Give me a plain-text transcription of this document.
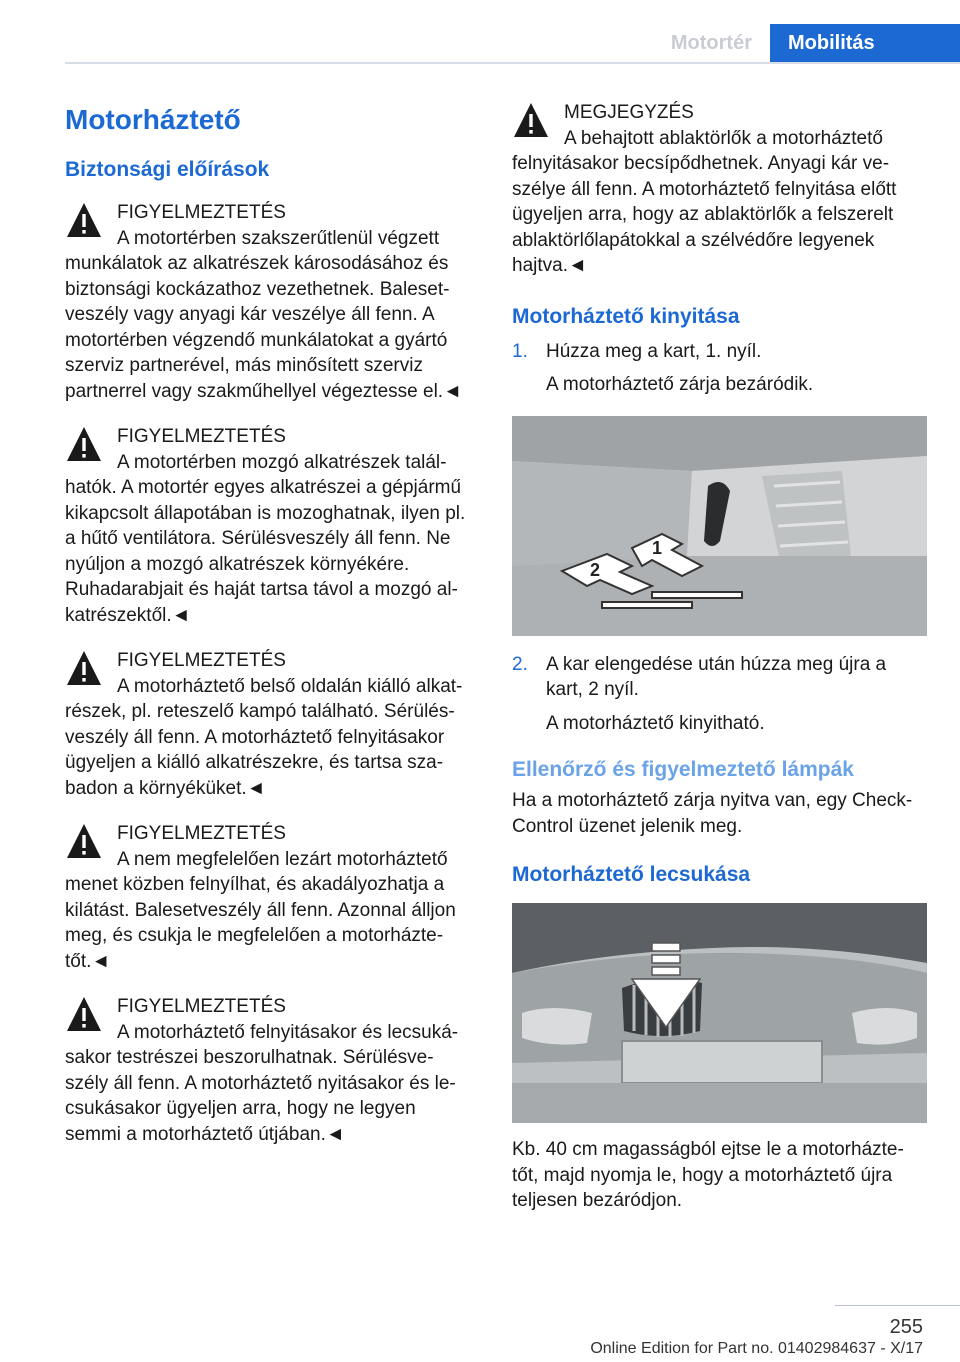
Motortér	Mobilitás
Motorháztető
Biztonsági előírások

FIGYELMEZTETÉS

A motortérben szakszerűtlenül végzett munkálatok az alkatrészek károsodásához és biztonsági kockázathoz vezethetnek. Baleset-veszély vagy anyagi kár veszélye áll fenn. A motortérben végzendő munkálatokat a gyártó szerviz partnerével, más minősített szerviz partnerrel vagy szakműhellyel végeztesse el.◄

FIGYELMEZTETÉS

A motortérben mozgó alkatrészek talál-hatók. A motortér egyes alkatrészei a gépjármű kikapcsolt állapotában is mozoghatnak, ilyen pl. a hűtő ventilátora. Sérülésveszély áll fenn. Ne nyúljon a mozgó alkatrészek környékére. Ruhadarabjait és haját tartsa távol a mozgó al-katrészektől.◄

FIGYELMEZTETÉS

A motorháztető belső oldalán kiálló alkat-részek, pl. reteszelő kampó található. Sérülés-veszély áll fenn. A motorháztető felnyitásakor ügyeljen a kiálló alkatrészekre, és tartsa sza-badon a környéküket.◄

FIGYELMEZTETÉS

A nem megfelelően lezárt motorháztető menet közben felnyílhat, és akadályozhatja a kilátást. Balesetveszély áll fenn. Azonnal álljon meg, és csukja le megfelelően a motorházte-tőt.◄

FIGYELMEZTETÉS

A motorháztető felnyitásakor és lecsuká-sakor testrészei beszorulhatnak. Sérülésve-szély áll fenn. A motorháztető nyitásakor és le-csukásakor ügyeljen arra, hogy ne legyen semmi a motorháztető útjában.◄

MEGJEGYZÉS

A behajtott ablaktörlők a motorháztető felnyitásakor becsípődhetnek. Anyagi kár ve-szélye áll fenn. A motorháztető felnyitása előtt ügyeljen arra, hogy az ablaktörlők a felszerelt ablaktörlőlapátokkal a szélvédőre legyenek hajtva.◄

Motorháztető kinyitása
1. Húzza meg a kart, 1. nyíl.

A motorháztető zárja bezáródik.

2
1
2. A kar elengedése után húzza meg újra a kart, 2 nyíl.

A motorháztető kinyitható.

Ellenőrző és figyelmeztető lámpák

Ha a motorháztető zárja nyitva van, egy Check-Control üzenet jelenik meg.

Motorháztető lecsukása

Kb. 40 cm magasságból ejtse le a motorházte-tőt, majd nyomja le, hogy a motorháztető újra teljesen bezáródjon.

255
Online Edition for Part no. 01402984637 - X/17
